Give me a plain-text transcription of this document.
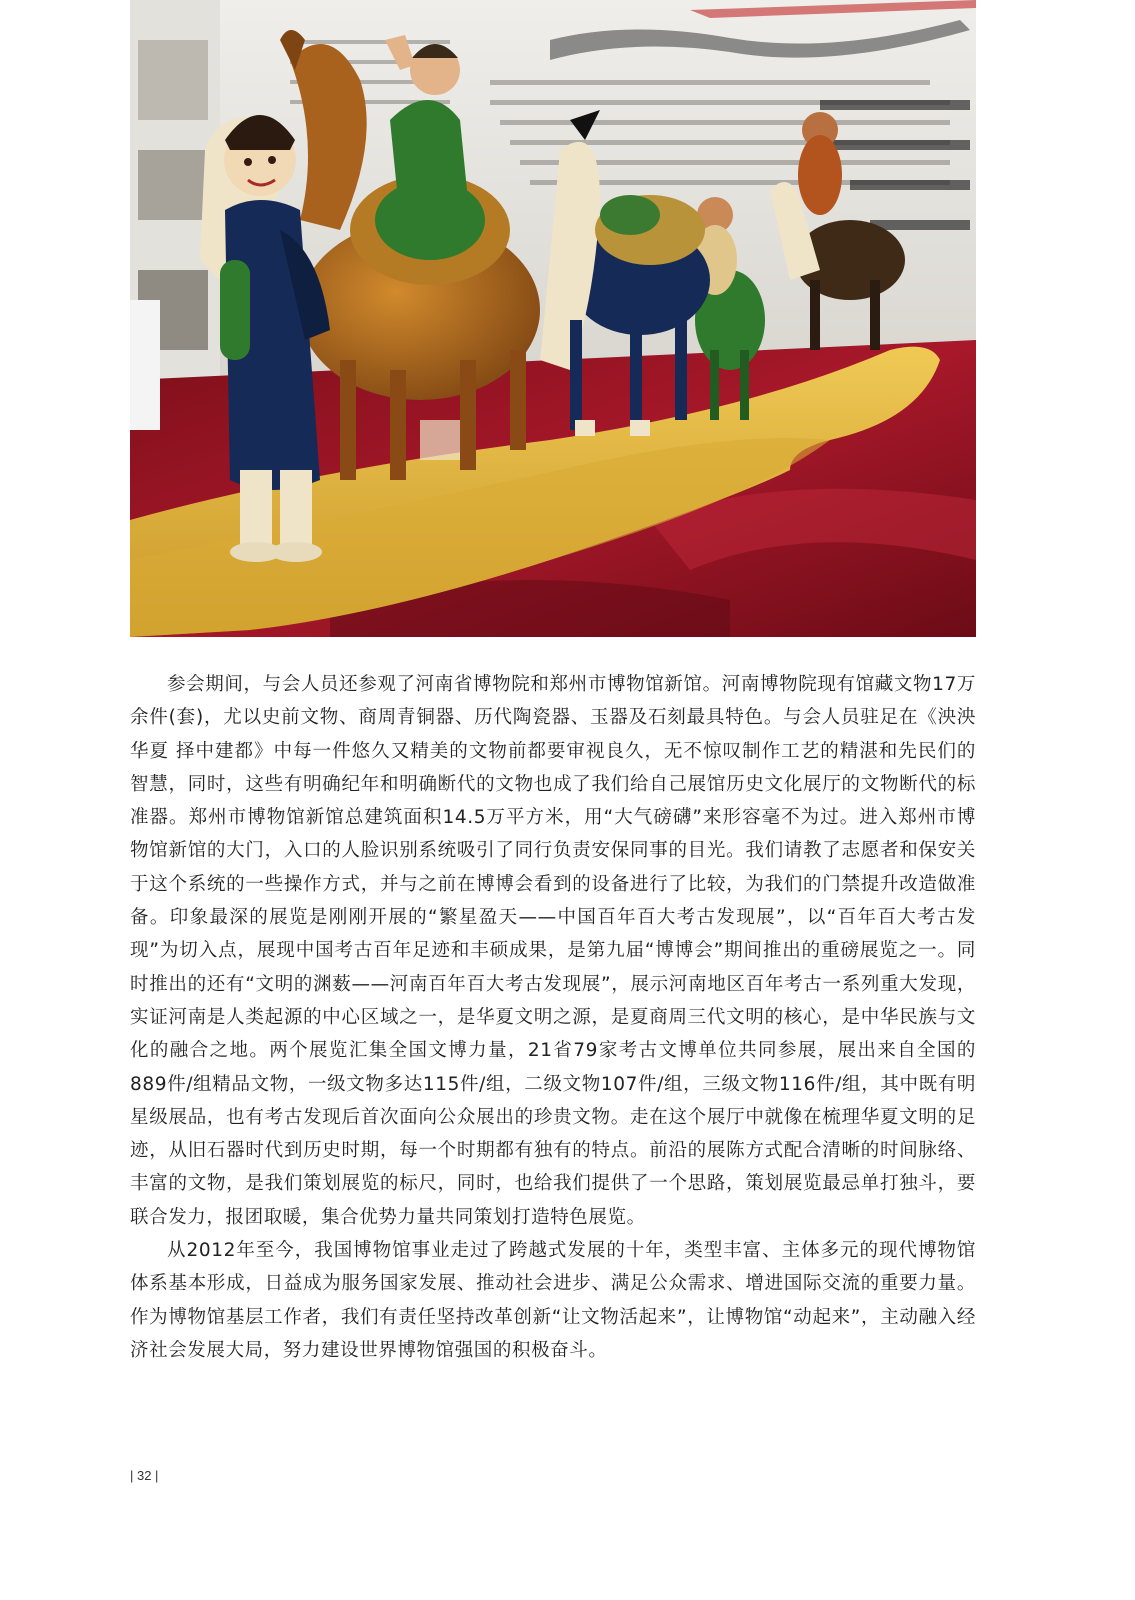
参会期间，与会人员还参观了河南省博物院和郑州市博物馆新馆。河南博物院现有馆藏文物17万余件(套)，尤以史前文物、商周青铜器、历代陶瓷器、玉器及石刻最具特色。与会人员驻足在《泱泱华夏 择中建都》中每一件悠久又精美的文物前都要审视良久，无不惊叹制作工艺的精湛和先民们的智慧，同时，这些有明确纪年和明确断代的文物也成了我们给自己展馆历史文化展厅的文物断代的标准器。郑州市博物馆新馆总建筑面积14.5万平方米，用“大气磅礴”来形容毫不为过。进入郑州市博物馆新馆的大门，入口的人脸识别系统吸引了同行负责安保同事的目光。我们请教了志愿者和保安关于这个系统的一些操作方式，并与之前在博博会看到的设备进行了比较，为我们的门禁提升改造做准备。印象最深的展览是刚刚开展的“繁星盈天——中国百年百大考古发现展”，以“百年百大考古发现”为切入点，展现中国考古百年足迹和丰硕成果，是第九届“博博会”期间推出的重磅展览之一。同时推出的还有“文明的渊薮——河南百年百大考古发现展”，展示河南地区百年考古一系列重大发现，实证河南是人类起源的中心区域之一，是华夏文明之源，是夏商周三代文明的核心，是中华民族与文化的融合之地。两个展览汇集全国文博力量，21省79家考古文博单位共同参展，展出来自全国的889件/组精品文物，一级文物多达115件/组，二级文物107件/组，三级文物116件/组，其中既有明星级展品，也有考古发现后首次面向公众展出的珍贵文物。走在这个展厅中就像在梳理华夏文明的足迹，从旧石器时代到历史时期，每一个时期都有独有的特点。前沿的展陈方式配合清晰的时间脉络、丰富的文物，是我们策划展览的标尺，同时，也给我们提供了一个思路，策划展览最忌单打独斗，要联合发力，报团取暖，集合优势力量共同策划打造特色展览。

从2012年至今，我国博物馆事业走过了跨越式发展的十年，类型丰富、主体多元的现代博物馆体系基本形成，日益成为服务国家发展、推动社会进步、满足公众需求、增进国际交流的重要力量。作为博物馆基层工作者，我们有责任坚持改革创新“让文物活起来”，让博物馆“动起来”，主动融入经济社会发展大局，努力建设世界博物馆强国的积极奋斗。

| 32 |
